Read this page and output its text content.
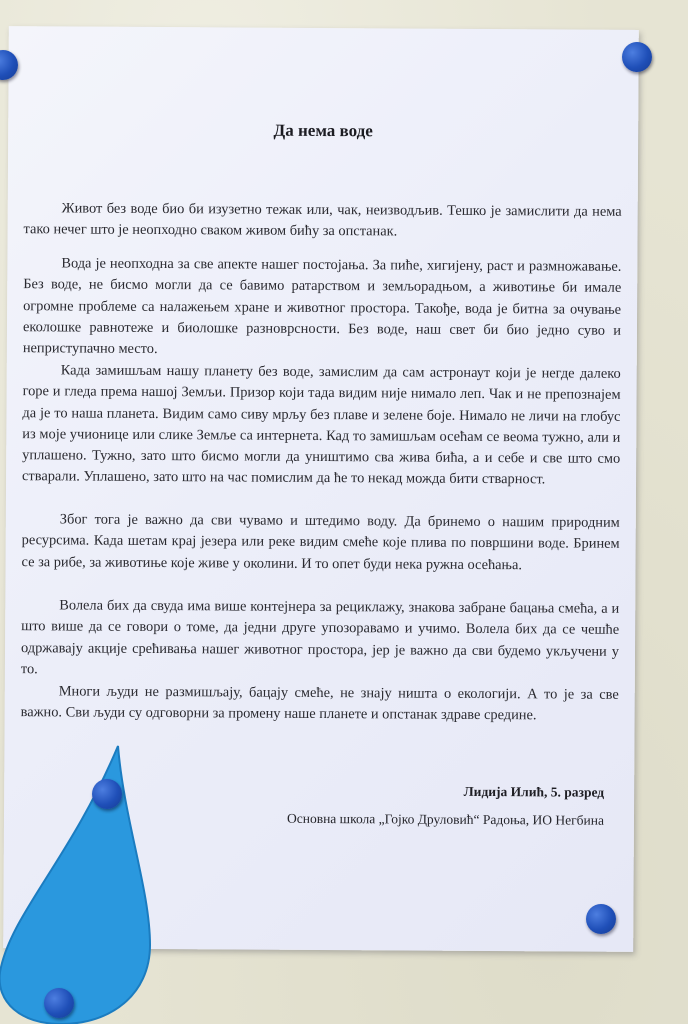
Да нема воде

Живот без воде био би изузетно тежак или, чак, неизводљив. Тешко је замислити да нема тако нечег што је неопходно сваком живом бићу за опстанак.

Вода је неопходна за све апекте нашег постојања. За пиће, хигијену, раст и размножавање. Без воде, не бисмо могли да се бавимо ратарством и земљорадњом, а животиње би имале огромне проблеме са налажењем хране и животног простора. Такође, вода је битна за очување еколошке равнотеже и биолошке разноврсности. Без воде, наш свет би био једно суво и неприступачно место.

Када замишљам нашу планету без воде, замислим да сам астронаут који је негде далеко горе и гледа према нашој Земљи. Призор који тада видим није нимало леп. Чак и не препознајем да је то наша планета. Видим само сиву мрљу без плаве и зелене боје. Нимало не личи на глобус из моје учионице или слике Земље са интернета. Кад то замишљам осећам се веома тужно, али и уплашено. Тужно, зато што бисмо могли да уништимо сва жива бића, а и себе и све што смо стварали. Уплашено, зато што на час помислим да ће то некад можда бити стварност.

Због тога је важно да сви чувамо и штедимо воду. Да бринемо о нашим природним ресурсима. Када шетам крај језера или реке видим смеће које плива по површини воде. Бринем се за рибе, за животиње које живе у околини. И то опет буди нека ружна осећања.

Волела бих да свуда има више контејнера за рециклажу, знакова забране бацања смећа, а и што више да се говори о томе, да једни друге упозоравамо и учимо. Волела бих да се чешће одржавају акције срећивања нашег животног простора, јер је важно да сви будемо укључени у то.

Многи људи не размишљају, бацају смеће, не знају ништа о екологији. А то је за све важно. Сви људи су одговорни за промену наше планете и опстанак здраве средине.

Лидија Илић, 5. разред
Основна школа „Гојко Друловић“ Радоња, ИО Негбина
